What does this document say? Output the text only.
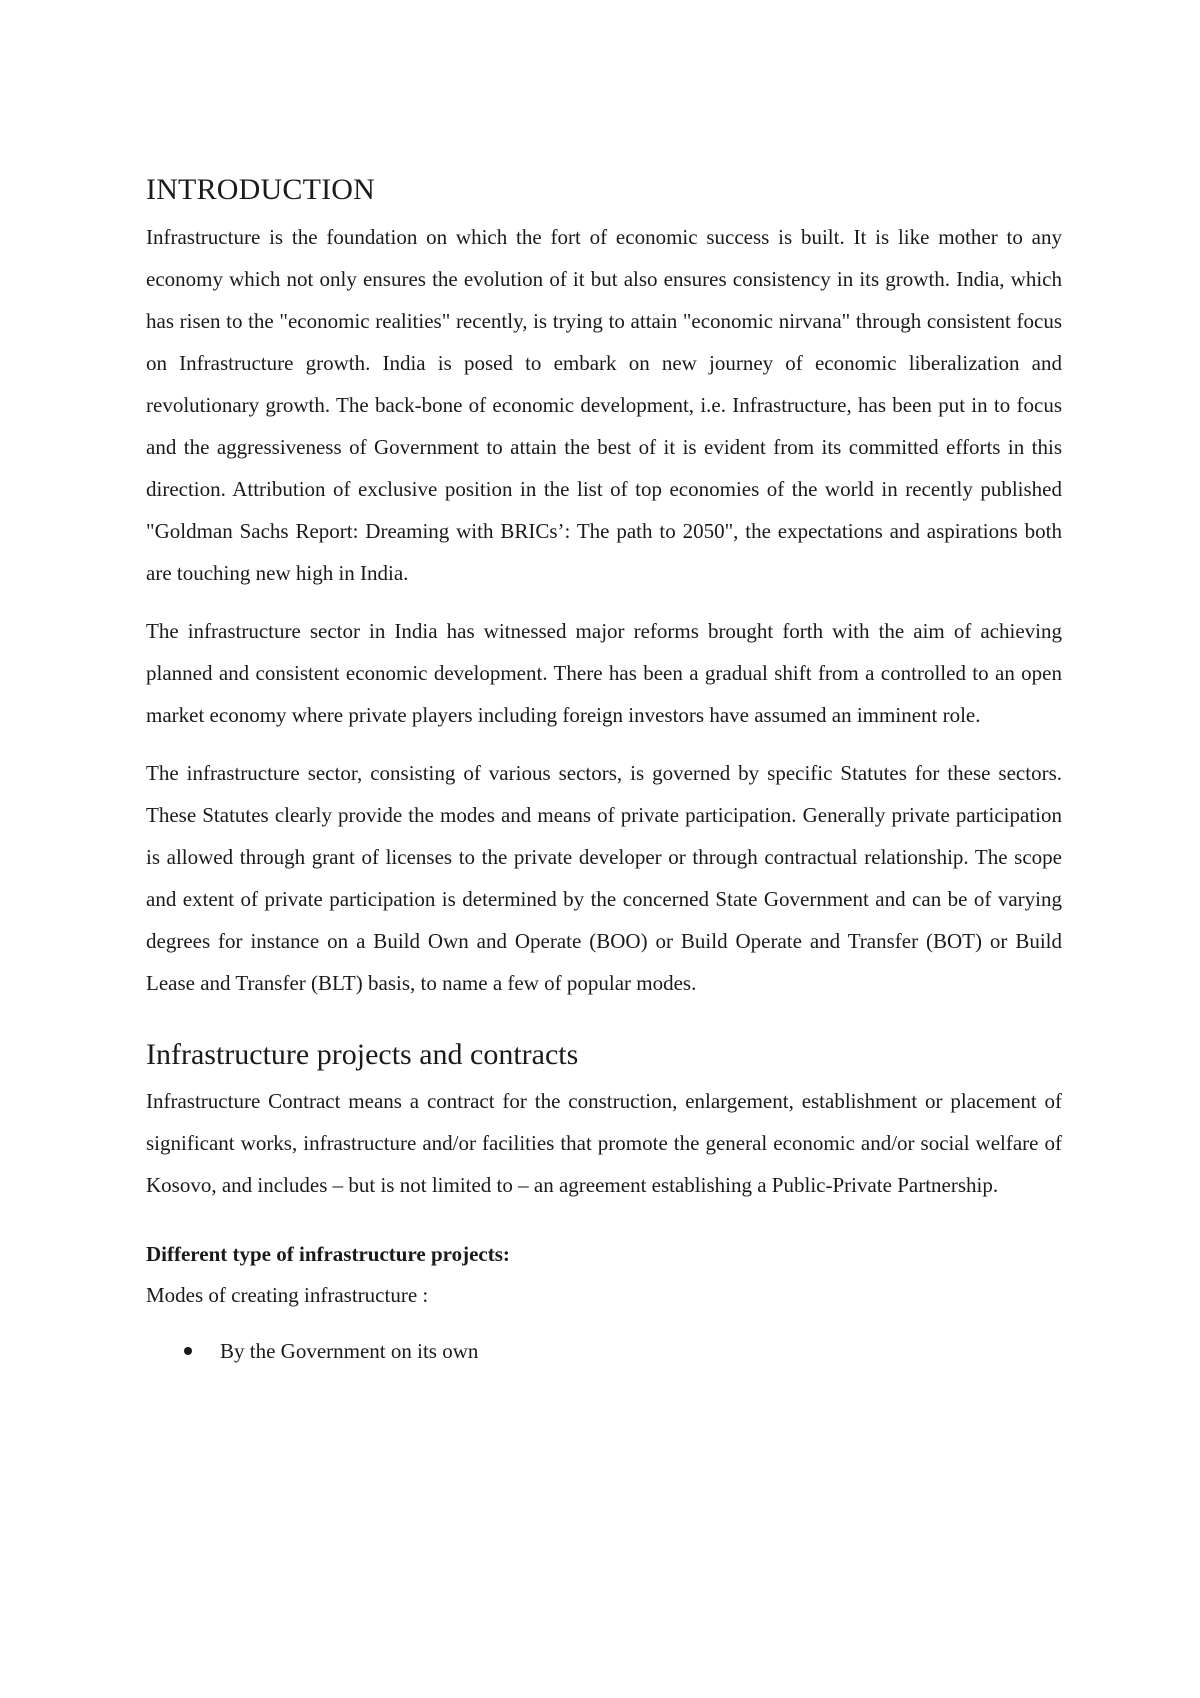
INTRODUCTION

Infrastructure is the foundation on which the fort of economic success is built. It is like mother to any economy which not only ensures the evolution of it but also ensures consistency in its growth. India, which has risen to the "economic realities" recently, is trying to attain "economic nirvana" through consistent focus on Infrastructure growth. India is posed to embark on new journey of economic liberalization and revolutionary growth. The back-bone of economic development, i.e. Infrastructure, has been put in to focus and the aggressiveness of Government to attain the best of it is evident from its committed efforts in this direction. Attribution of exclusive position in the list of top economies of the world in recently published "Goldman Sachs Report: Dreaming with BRICs’: The path to 2050", the expectations and aspirations both are touching new high in India.

The infrastructure sector in India has witnessed major reforms brought forth with the aim of achieving planned and consistent economic development. There has been a gradual shift from a controlled to an open market economy where private players including foreign investors have assumed an imminent role.

The infrastructure sector, consisting of various sectors, is governed by specific Statutes for these sectors. These Statutes clearly provide the modes and means of private participation. Generally private participation is allowed through grant of licenses to the private developer or through contractual relationship. The scope and extent of private participation is determined by the concerned State Government and can be of varying degrees for instance on a Build Own and Operate (BOO) or Build Operate and Transfer (BOT) or Build Lease and Transfer (BLT) basis, to name a few of popular modes.

Infrastructure projects and contracts

Infrastructure Contract means a contract for the construction, enlargement, establishment or placement of significant works, infrastructure and/or facilities that promote the general economic and/or social welfare of Kosovo, and includes – but is not limited to – an agreement establishing a Public-Private Partnership.

Different type of infrastructure projects:

Modes of creating infrastructure :

By the Government on its own
